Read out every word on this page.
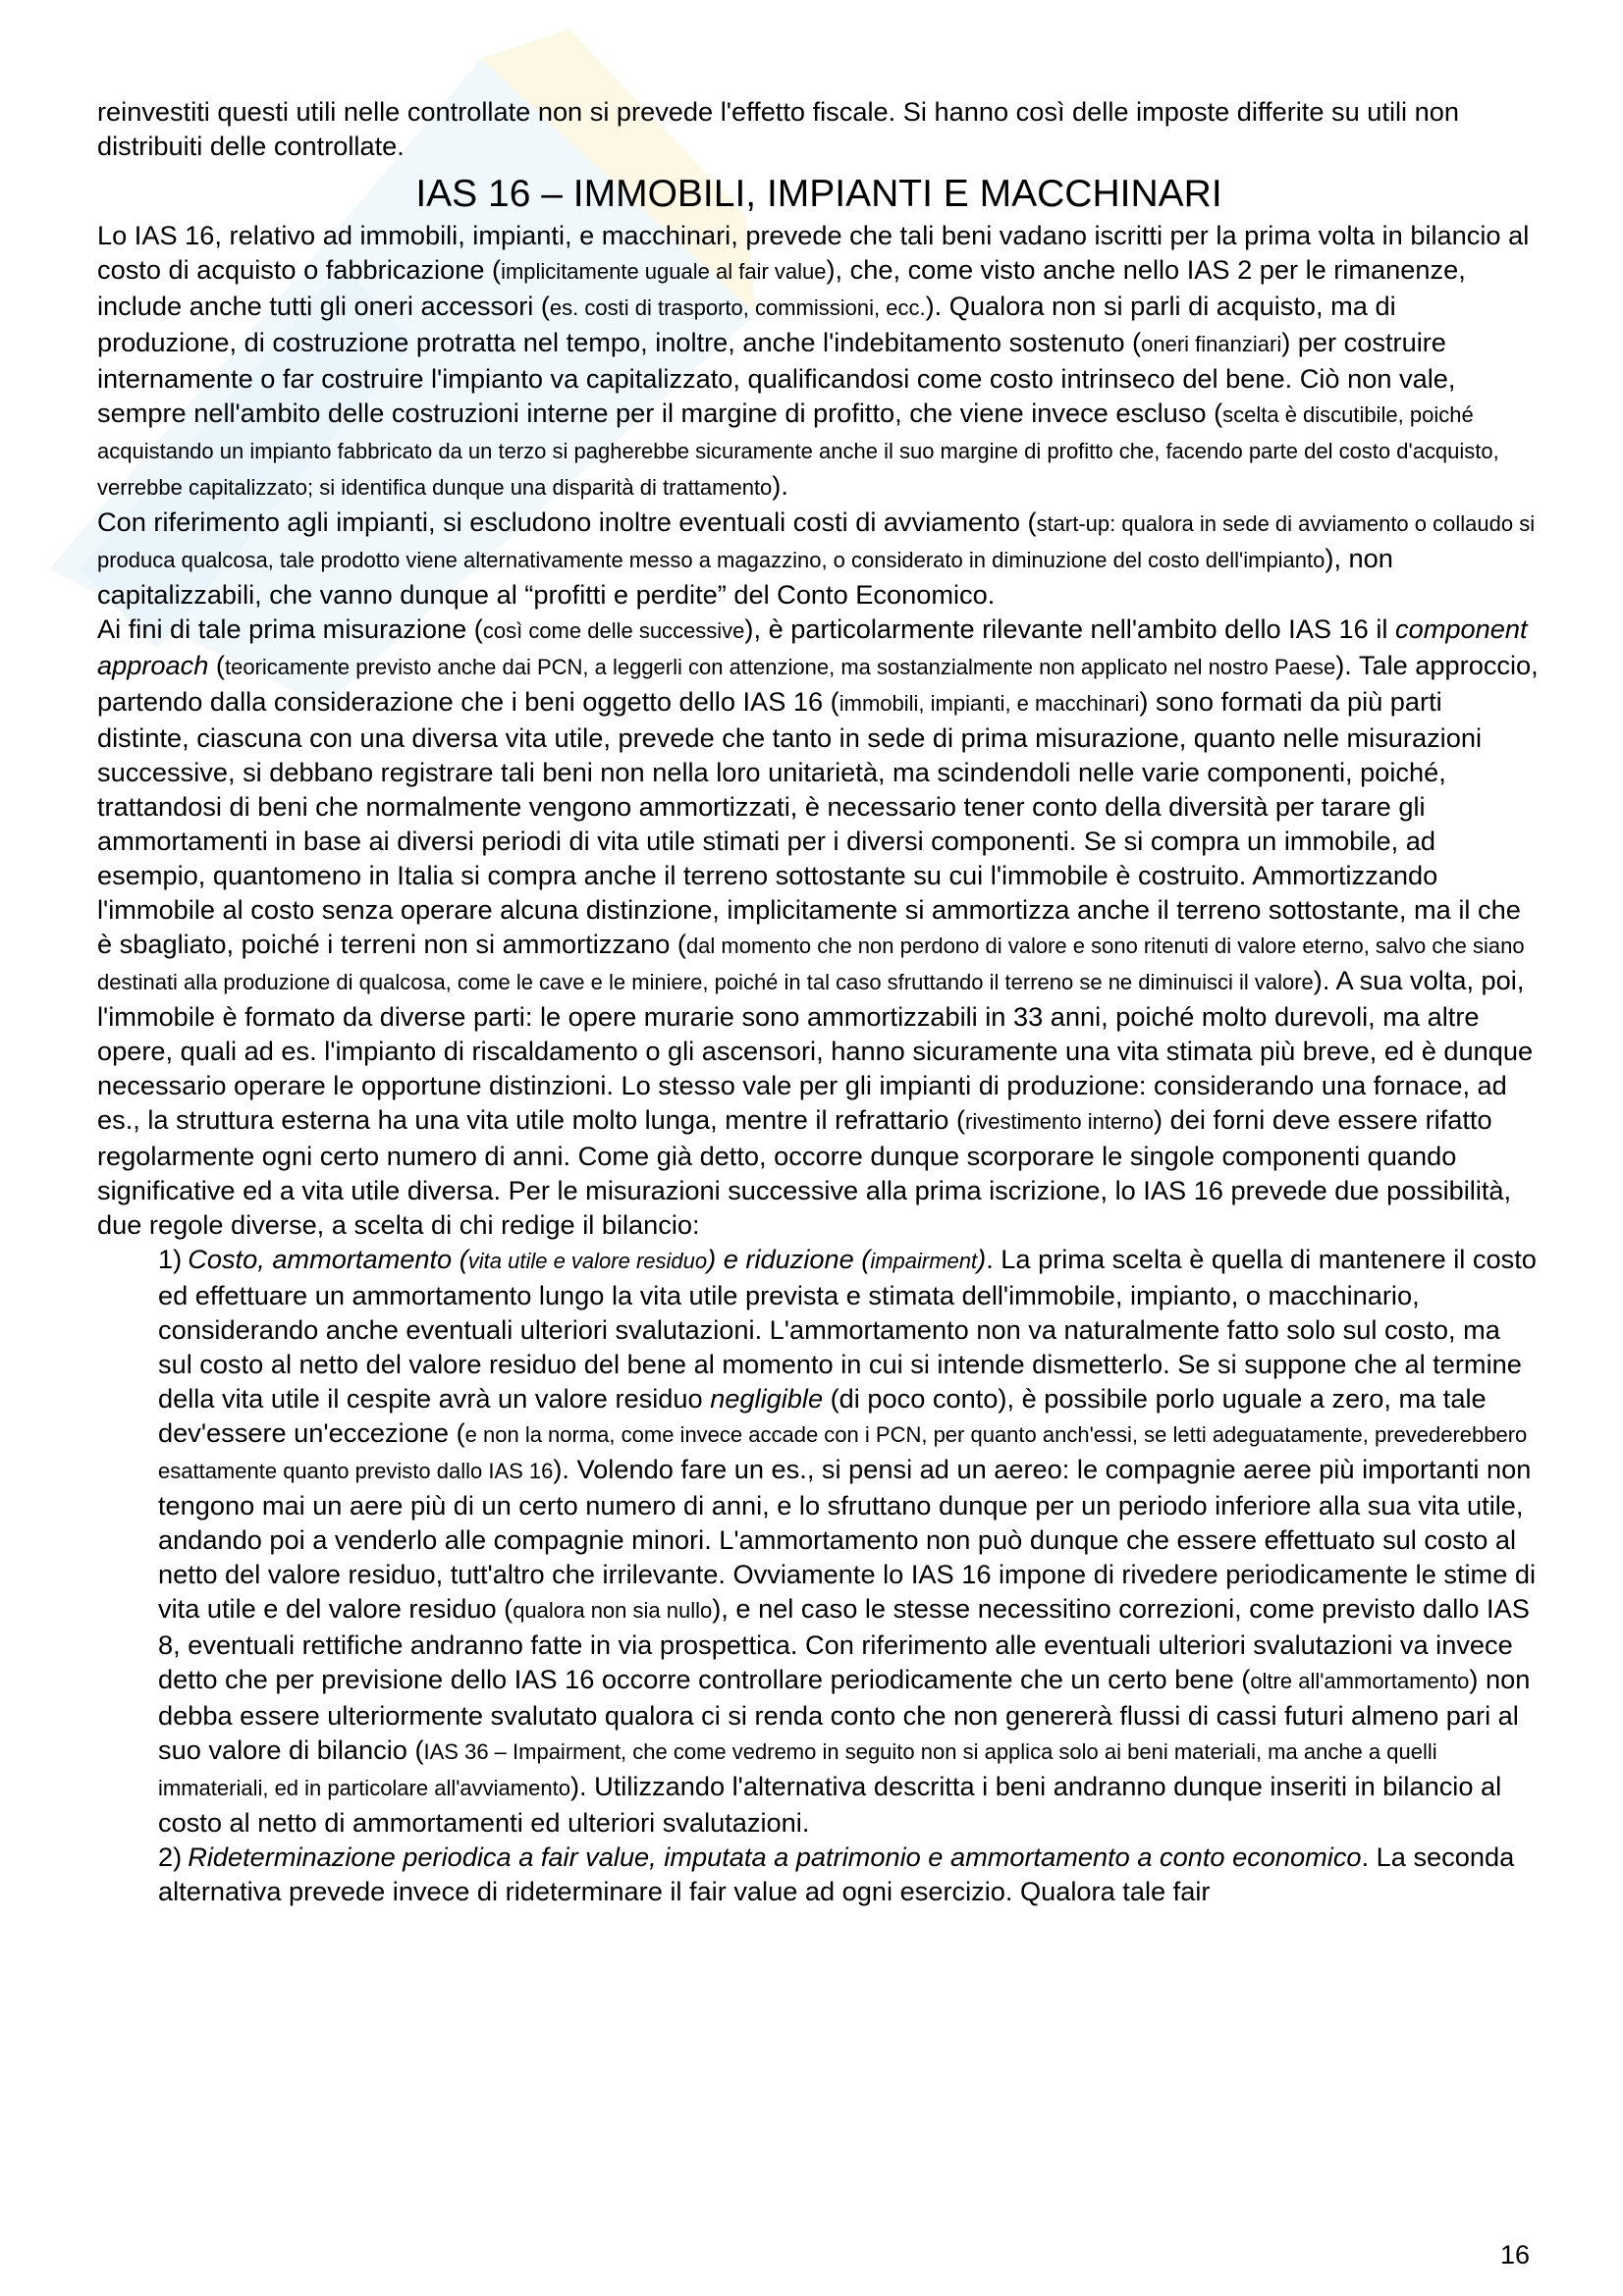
reinvestiti questi utili nelle controllate non si prevede l'effetto fiscale. Si hanno così delle imposte differite su utili non distribuiti delle controllate.

IAS 16 – IMMOBILI, IMPIANTI E MACCHINARI

Lo IAS 16, relativo ad immobili, impianti, e macchinari, prevede che tali beni vadano iscritti per la prima volta in bilancio al costo di acquisto o fabbricazione (implicitamente uguale al fair value), che, come visto anche nello IAS 2 per le rimanenze, include anche tutti gli oneri accessori (es. costi di trasporto, commissioni, ecc.). Qualora non si parli di acquisto, ma di produzione, di costruzione protratta nel tempo, inoltre, anche l'indebitamento sostenuto (oneri finanziari) per costruire internamente o far costruire l'impianto va capitalizzato, qualificandosi come costo intrinseco del bene. Ciò non vale, sempre nell'ambito delle costruzioni interne per il margine di profitto, che viene invece escluso (scelta è discutibile, poiché acquistando un impianto fabbricato da un terzo si pagherebbe sicuramente anche il suo margine di profitto che, facendo parte del costo d'acquisto, verrebbe capitalizzato; si identifica dunque una disparità di trattamento).

Con riferimento agli impianti, si escludono inoltre eventuali costi di avviamento (start-up: qualora in sede di avviamento o collaudo si produca qualcosa, tale prodotto viene alternativamente messo a magazzino, o considerato in diminuzione del costo dell'impianto), non capitalizzabili, che vanno dunque al “profitti e perdite” del Conto Economico.

Ai fini di tale prima misurazione (così come delle successive), è particolarmente rilevante nell'ambito dello IAS 16 il component approach (teoricamente previsto anche dai PCN, a leggerli con attenzione, ma sostanzialmente non applicato nel nostro Paese). Tale approccio, partendo dalla considerazione che i beni oggetto dello IAS 16 (immobili, impianti, e macchinari) sono formati da più parti distinte, ciascuna con una diversa vita utile, prevede che tanto in sede di prima misurazione, quanto nelle misurazioni successive, si debbano registrare tali beni non nella loro unitarietà, ma scindendoli nelle varie componenti, poiché, trattandosi di beni che normalmente vengono ammortizzati, è necessario tener conto della diversità per tarare gli ammortamenti in base ai diversi periodi di vita utile stimati per i diversi componenti. Se si compra un immobile, ad esempio, quantomeno in Italia si compra anche il terreno sottostante su cui l'immobile è costruito. Ammortizzando l'immobile al costo senza operare alcuna distinzione, implicitamente si ammortizza anche il terreno sottostante, ma il che è sbagliato, poiché i terreni non si ammortizzano (dal momento che non perdono di valore e sono ritenuti di valore eterno, salvo che siano destinati alla produzione di qualcosa, come le cave e le miniere, poiché in tal caso sfruttando il terreno se ne diminuisci il valore). A sua volta, poi, l'immobile è formato da diverse parti: le opere murarie sono ammortizzabili in 33 anni, poiché molto durevoli, ma altre opere, quali ad es. l'impianto di riscaldamento o gli ascensori, hanno sicuramente una vita stimata più breve, ed è dunque necessario operare le opportune distinzioni. Lo stesso vale per gli impianti di produzione: considerando una fornace, ad es., la struttura esterna ha una vita utile molto lunga, mentre il refrattario (rivestimento interno) dei forni deve essere rifatto regolarmente ogni certo numero di anni. Come già detto, occorre dunque scorporare le singole componenti quando significative ed a vita utile diversa. Per le misurazioni successive alla prima iscrizione, lo IAS 16 prevede due possibilità, due regole diverse, a scelta di chi redige il bilancio:

1) Costo, ammortamento (vita utile e valore residuo) e riduzione (impairment). La prima scelta è quella di mantenere il costo ed effettuare un ammortamento lungo la vita utile prevista e stimata dell'immobile, impianto, o macchinario, considerando anche eventuali ulteriori svalutazioni. L'ammortamento non va naturalmente fatto solo sul costo, ma sul costo al netto del valore residuo del bene al momento in cui si intende dismetterlo. Se si suppone che al termine della vita utile il cespite avrà un valore residuo negligible (di poco conto), è possibile porlo uguale a zero, ma tale dev'essere un'eccezione (e non la norma, come invece accade con i PCN, per quanto anch'essi, se letti adeguatamente, prevederebbero esattamente quanto previsto dallo IAS 16). Volendo fare un es., si pensi ad un aereo: le compagnie aeree più importanti non tengono mai un aere più di un certo numero di anni, e lo sfruttano dunque per un periodo inferiore alla sua vita utile, andando poi a venderlo alle compagnie minori. L'ammortamento non può dunque che essere effettuato sul costo al netto del valore residuo, tutt'altro che irrilevante. Ovviamente lo IAS 16 impone di rivedere periodicamente le stime di vita utile e del valore residuo (qualora non sia nullo), e nel caso le stesse necessitino correzioni, come previsto dallo IAS 8, eventuali rettifiche andranno fatte in via prospettica. Con riferimento alle eventuali ulteriori svalutazioni va invece detto che per previsione dello IAS 16 occorre controllare periodicamente che un certo bene (oltre all'ammortamento) non debba essere ulteriormente svalutato qualora ci si renda conto che non genererà flussi di cassi futuri almeno pari al suo valore di bilancio (IAS 36 – Impairment, che come vedremo in seguito non si applica solo ai beni materiali, ma anche a quelli immateriali, ed in particolare all'avviamento). Utilizzando l'alternativa descritta i beni andranno dunque inseriti in bilancio al costo al netto di ammortamenti ed ulteriori svalutazioni.

2) Rideterminazione periodica a fair value, imputata a patrimonio e ammortamento a conto economico. La seconda alternativa prevede invece di rideterminare il fair value ad ogni esercizio. Qualora tale fair

16
